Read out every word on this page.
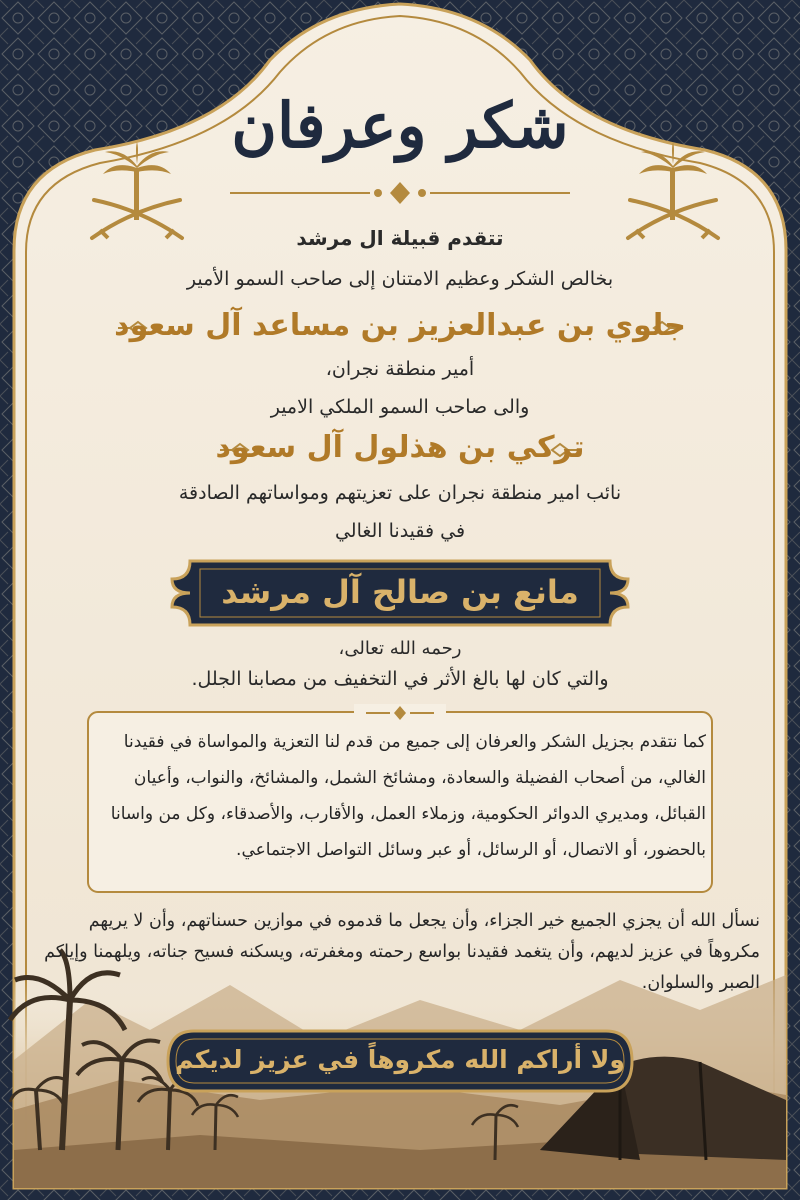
شكر وعرفان
تتقدم قبيلة ال مرشد
بخالص الشكر وعظيم الامتنان إلى صاحب السمو الأمير
جلوي بن عبدالعزيز بن مساعد آل سعود
أمير منطقة نجران،
والى صاحب السمو الملكي الامير
تركي بن هذلول آل سعود
نائب امير منطقة نجران على تعزيتهم ومواساتهم الصادقة
في فقيدنا الغالي
مانع بن صالح آل مرشد
رحمه الله تعالى،
والتي كان لها بالغ الأثر في التخفيف من مصابنا الجلل.
كما نتقدم بجزيل الشكر والعرفان إلى جميع من قدم لنا التعزية والمواساة في فقيدنا الغالي، من أصحاب الفضيلة والسعادة، ومشائخ الشمل، والمشائخ، والنواب، وأعيان القبائل، ومديري الدوائر الحكومية، وزملاء العمل، والأقارب، والأصدقاء، وكل من واسانا بالحضور، أو الاتصال، أو الرسائل، أو عبر وسائل التواصل الاجتماعي.
نسأل الله أن يجزي الجميع خير الجزاء، وأن يجعل ما قدموه في موازين حسناتهم، وأن لا يريهم مكروهاً في عزيز لديهم، وأن يتغمد فقيدنا بواسع رحمته ومغفرته، ويسكنه فسيح جناته، ويلهمنا وإياكم الصبر والسلوان.
ولا أراكم الله مكروهاً في عزيز لديكم
